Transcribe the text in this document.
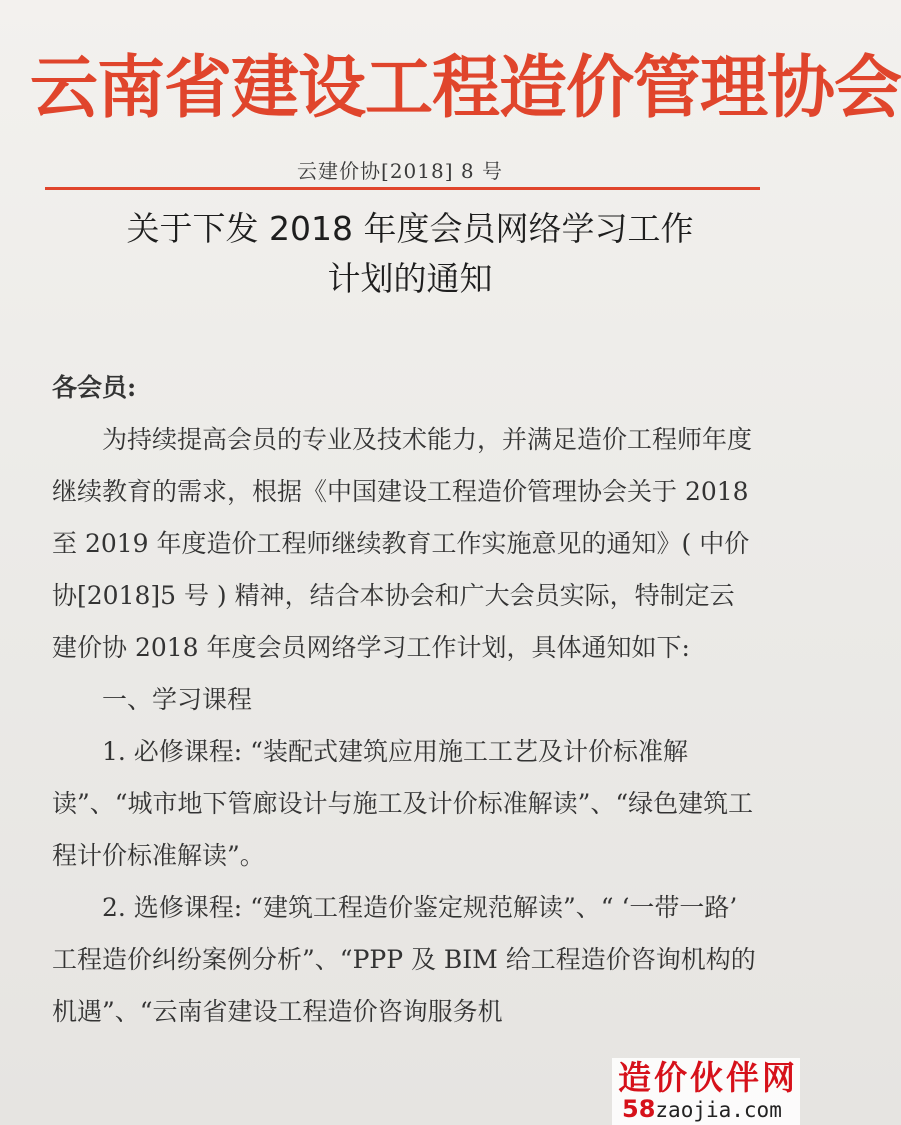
云南省建设工程造价管理协会
云建价协[2018] 8 号
关于下发 2018 年度会员网络学习工作
计划的通知

各会员:

为持续提高会员的专业及技术能力，并满足造价工程师年度继续教育的需求，根据《中国建设工程造价管理协会关于 2018 至 2019 年度造价工程师继续教育工作实施意见的通知》( 中价协[2018]5 号 ) 精神，结合本协会和广大会员实际，特制定云建价协 2018 年度会员网络学习工作计划，具体通知如下:

一、学习课程

1. 必修课程: “装配式建筑应用施工工艺及计价标准解读”、“城市地下管廊设计与施工及计价标准解读”、“绿色建筑工程计价标准解读”。

2. 选修课程: “建筑工程造价鉴定规范解读”、“ ‘一带一路’ 工程造价纠纷案例分析”、“PPP 及 BIM 给工程造价咨询机构的机遇”、“云南省建设工程造价咨询服务机

造价伙伴网
58zaojia.com
